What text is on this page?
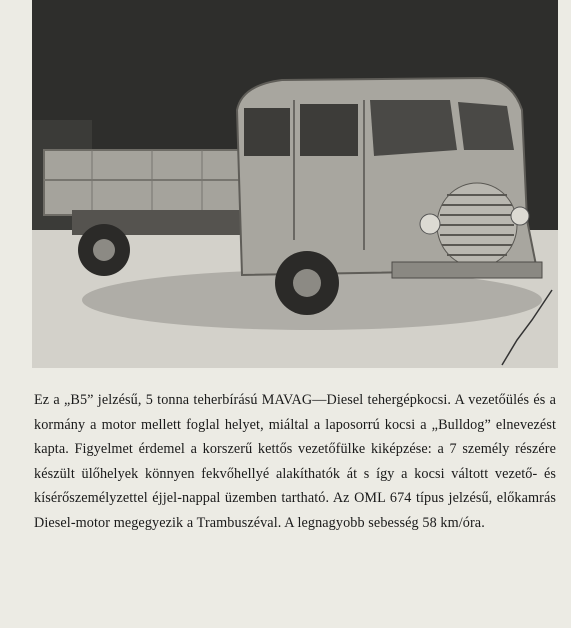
Ez a „B5” jelzésű, 5 tonna teherbírású MAVAG—Diesel tehergépkocsi. A vezetőülés és a kormány a motor mellett foglal helyet, miáltal a laposorrú kocsi a „Bulldog” elnevezést kapta. Figyelmet érdemel a korszerű kettős vezetőfülke kiképzése: a 7 személy részére készült ülőhelyek könnyen fekvőhellyé alakíthatók át s így a kocsi váltott vezető- és kísérőszemélyzettel éjjel-nappal üzemben tartható. Az OML 674 típus jelzésű, előkamrás Diesel-motor megegyezik a Trambuszéval. A legnagyobb sebesség 58 km/óra.
